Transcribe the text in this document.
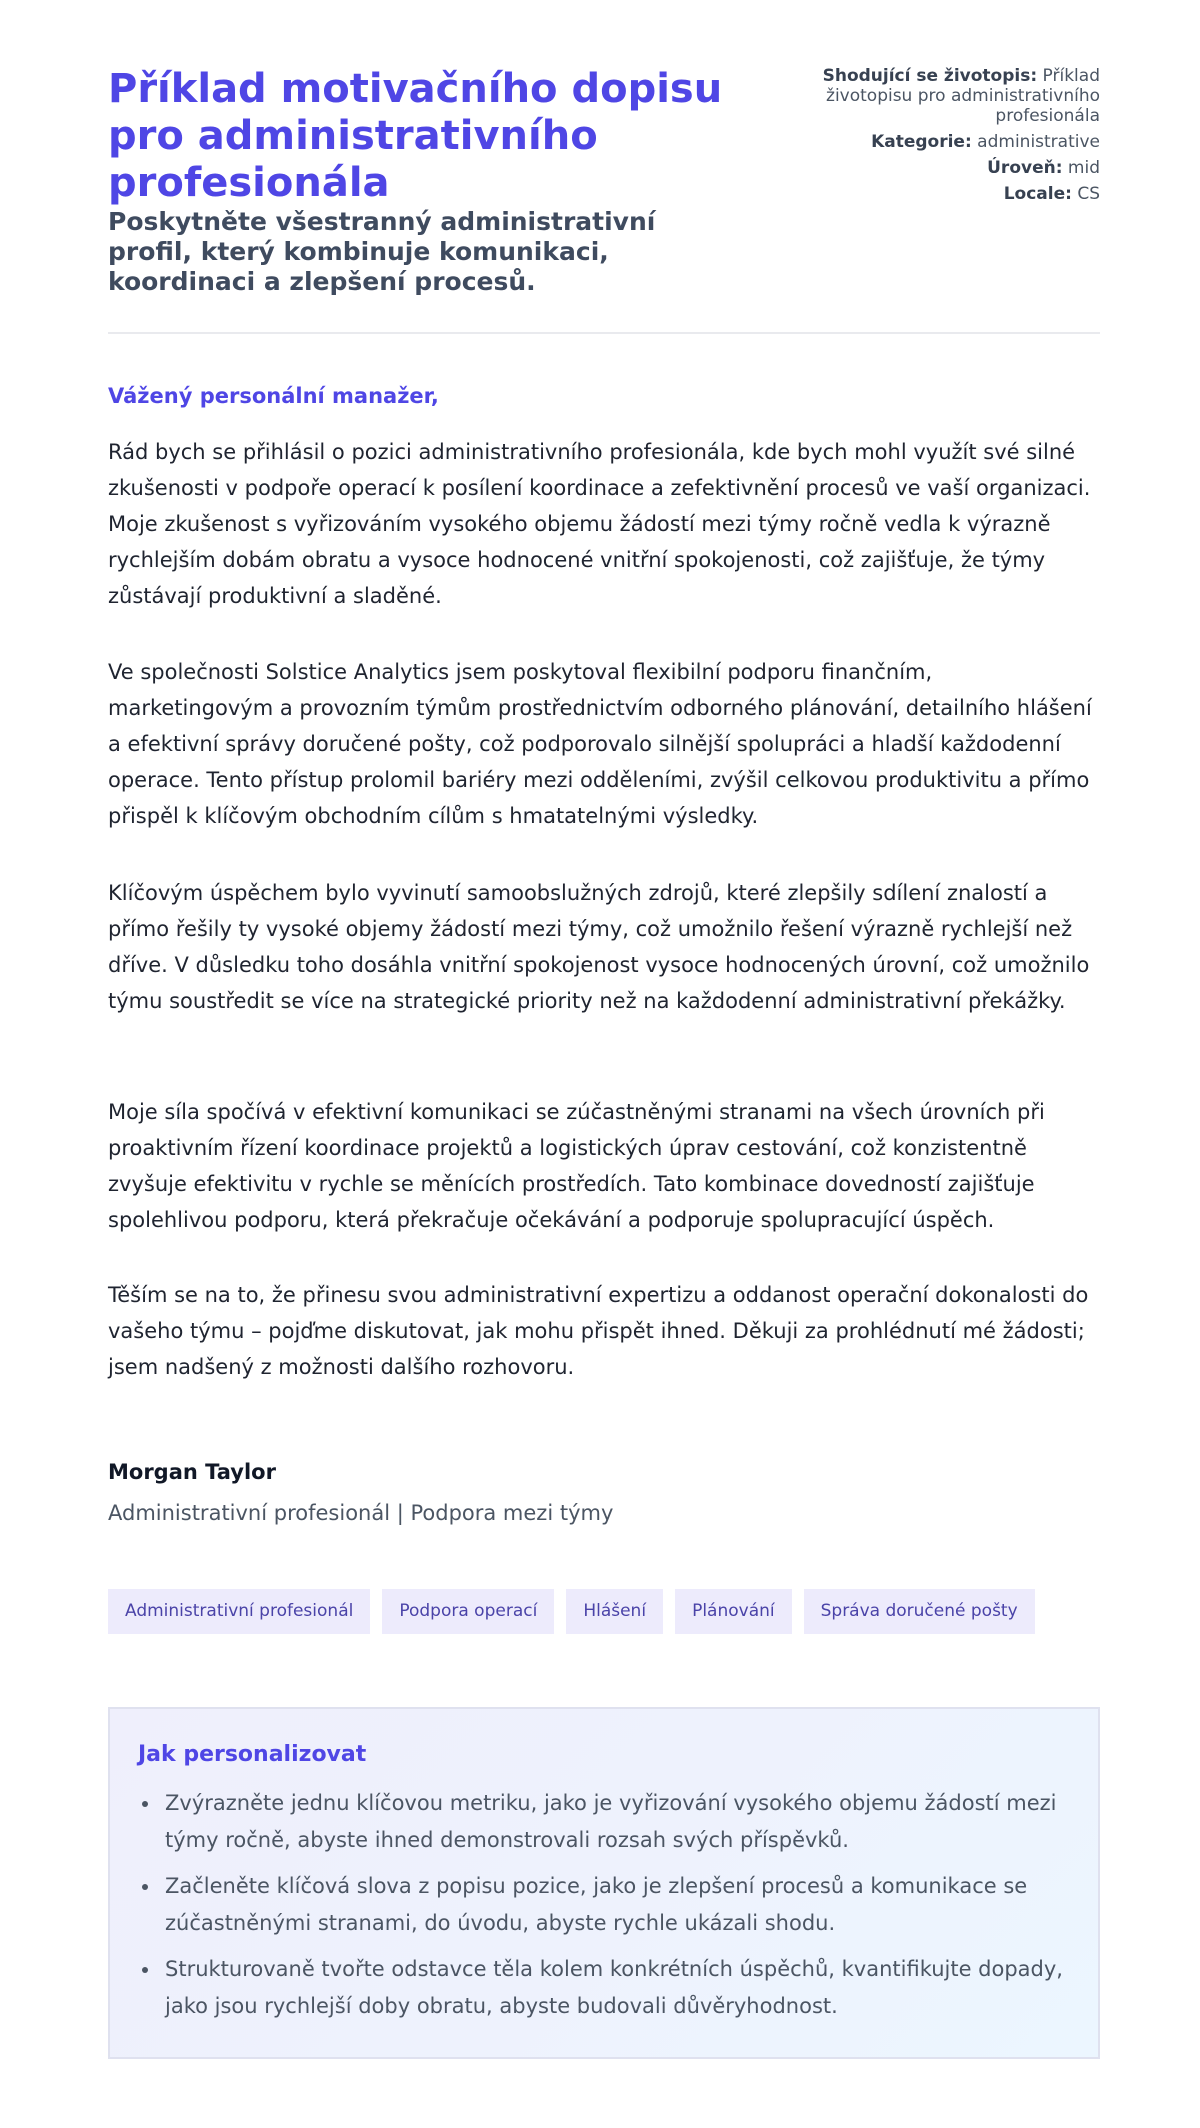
Příklad motivačního dopisu pro administrativního profesionála

Poskytněte všestranný administrativní profil, který kombinuje komunikaci, koordinaci a zlepšení procesů.

Shodující se životopis: Příklad životopisu pro administrativního profesionála
Kategorie: administrative
Úroveň: mid
Locale: CS

Vážený personální manažer,

Rád bych se přihlásil o pozici administrativního profesionála, kde bych mohl využít své silné zkušenosti v podpoře operací k posílení koordinace a zefektivnění procesů ve vaší organizaci. Moje zkušenost s vyřizováním vysokého objemu žádostí mezi týmy ročně vedla k výrazně rychlejším dobám obratu a vysoce hodnocené vnitřní spokojenosti, což zajišťuje, že týmy zůstávají produktivní a sladěné.

Ve společnosti Solstice Analytics jsem poskytoval flexibilní podporu finančním, marketingovým a provozním týmům prostřednictvím odborného plánování, detailního hlášení a efektivní správy doručené pošty, což podporovalo silnější spolupráci a hladší každodenní operace. Tento přístup prolomil bariéry mezi odděleními, zvýšil celkovou produktivitu a přímo přispěl k klíčovým obchodním cílům s hmatatelnými výsledky.

Klíčovým úspěchem bylo vyvinutí samoobslužných zdrojů, které zlepšily sdílení znalostí a přímo řešily ty vysoké objemy žádostí mezi týmy, což umožnilo řešení výrazně rychlejší než dříve. V důsledku toho dosáhla vnitřní spokojenost vysoce hodnocených úrovní, což umožnilo týmu soustředit se více na strategické priority než na každodenní administrativní překážky.

Moje síla spočívá v efektivní komunikaci se zúčastněnými stranami na všech úrovních při proaktivním řízení koordinace projektů a logistických úprav cestování, což konzistentně zvyšuje efektivitu v rychle se měnících prostředích. Tato kombinace dovedností zajišťuje spolehlivou podporu, která překračuje očekávání a podporuje spolupracující úspěch.

Těším se na to, že přinesu svou administrativní expertizu a oddanost operační dokonalosti do vašeho týmu – pojďme diskutovat, jak mohu přispět ihned. Děkuji za prohlédnutí mé žádosti; jsem nadšený z možnosti dalšího rozhovoru.

Morgan Taylor

Administrativní profesionál | Podpora mezi týmy

Administrativní profesionál	Podpora operací	Hlášení	Plánování	Správa doručené pošty
Jak personalizovat
Zvýrazněte jednu klíčovou metriku, jako je vyřizování vysokého objemu žádostí mezi týmy ročně, abyste ihned demonstrovali rozsah svých příspěvků.
Začleněte klíčová slova z popisu pozice, jako je zlepšení procesů a komunikace se zúčastněnými stranami, do úvodu, abyste rychle ukázali shodu.
Strukturovaně tvořte odstavce těla kolem konkrétních úspěchů, kvantifikujte dopady, jako jsou rychlejší doby obratu, abyste budovali důvěryhodnost.
